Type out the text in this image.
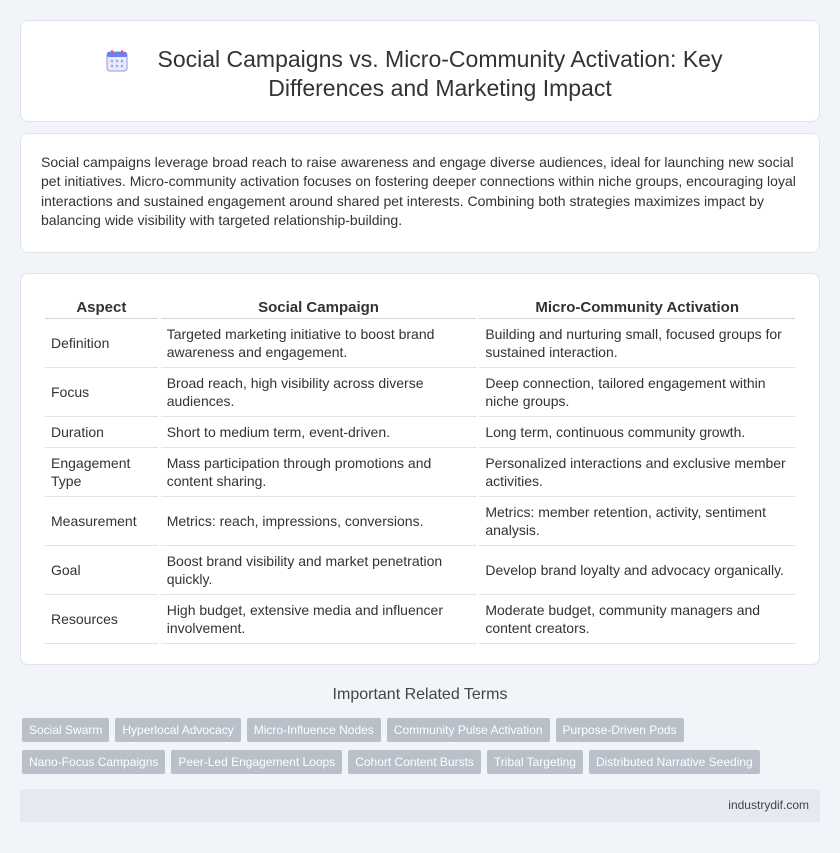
Social Campaigns vs. Micro-Community Activation: Key Differences and Marketing Impact

Social campaigns leverage broad reach to raise awareness and engage diverse audiences, ideal for launching new social pet initiatives. Micro-community activation focuses on fostering deeper connections within niche groups, encouraging loyal interactions and sustained engagement around shared pet interests. Combining both strategies maximizes impact by balancing wide visibility with targeted relationship-building.

Aspect	Social Campaign	Micro-Community Activation
Definition	Targeted marketing initiative to boost brand awareness and engagement.	Building and nurturing small, focused groups for sustained interaction.
Focus	Broad reach, high visibility across diverse audiences.	Deep connection, tailored engagement within niche groups.
Duration	Short to medium term, event-driven.	Long term, continuous community growth.
Engagement Type	Mass participation through promotions and content sharing.	Personalized interactions and exclusive member activities.
Measurement	Metrics: reach, impressions, conversions.	Metrics: member retention, activity, sentiment analysis.
Goal	Boost brand visibility and market penetration quickly.	Develop brand loyalty and advocacy organically.
Resources	High budget, extensive media and influencer involvement.	Moderate budget, community managers and content creators.
Important Related Terms
Social Swarm	Hyperlocal Advocacy	Micro-Influence Nodes	Community Pulse Activation	Purpose-Driven Pods
Nano-Focus Campaigns	Peer-Led Engagement Loops	Cohort Content Bursts	Tribal Targeting	Distributed Narrative Seeding
industrydif.com
